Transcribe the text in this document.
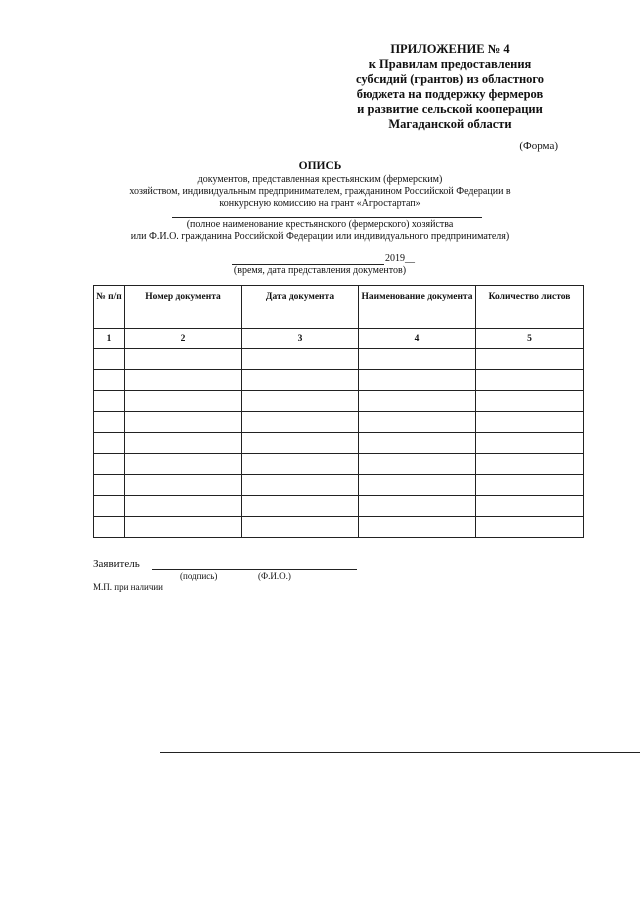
ПРИЛОЖЕНИЕ № 4
к Правилам предоставления
субсидий (грантов) из областного
бюджета на поддержку фермеров
и развитие сельской кооперации
Магаданской области
(Форма)
ОПИСЬ
документов, представленная крестьянским (фермерским)
хозяйством, индивидуальным предпринимателем, гражданином Российской Федерации в
конкурсную комиссию на грант «Агростартап»
(полное наименование крестьянского (фермерского) хозяйства
или Ф.И.О. гражданина Российской Федерации или индивидуального предпринимателя)
2019__
(время, дата представления документов)
№ п/п	Номер документа	Дата документа	Наименование документа	Количество листов
1	2	3	4	5

Заявитель
(подпись)	(Ф.И.О.)
М.П. при наличии
